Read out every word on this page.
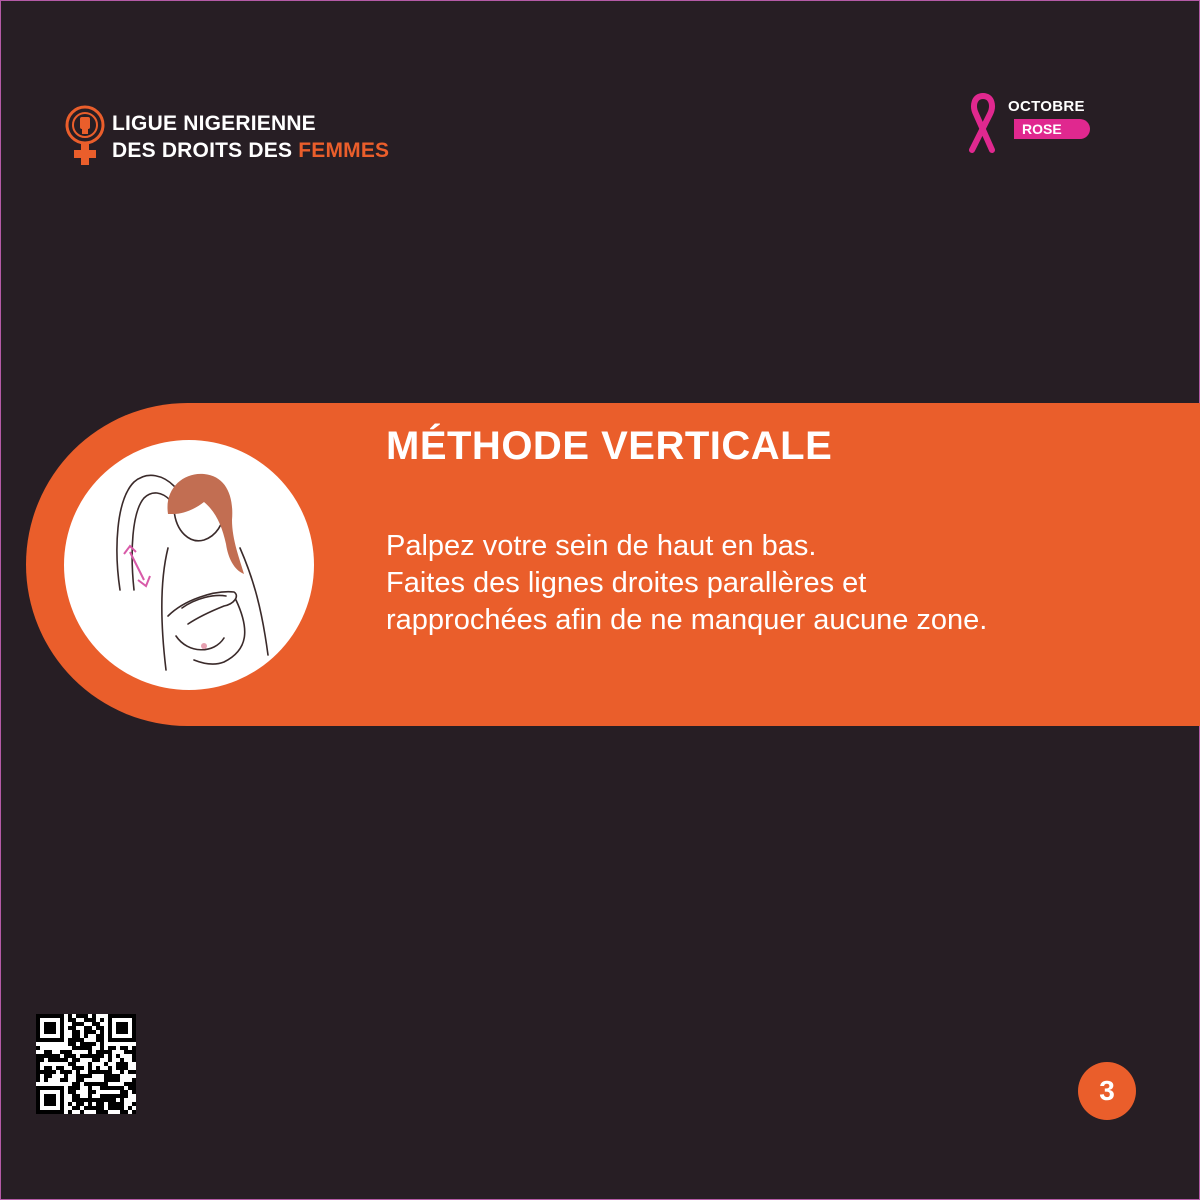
LIGUE NIGERIENNE
DES DROITS DES FEMMES
OCTOBRE
ROSE
MÉTHODE VERTICALE

Palpez votre sein de haut en bas.
Faites des lignes droites parallères et
rapprochées afin de ne manquer aucune zone.

3
